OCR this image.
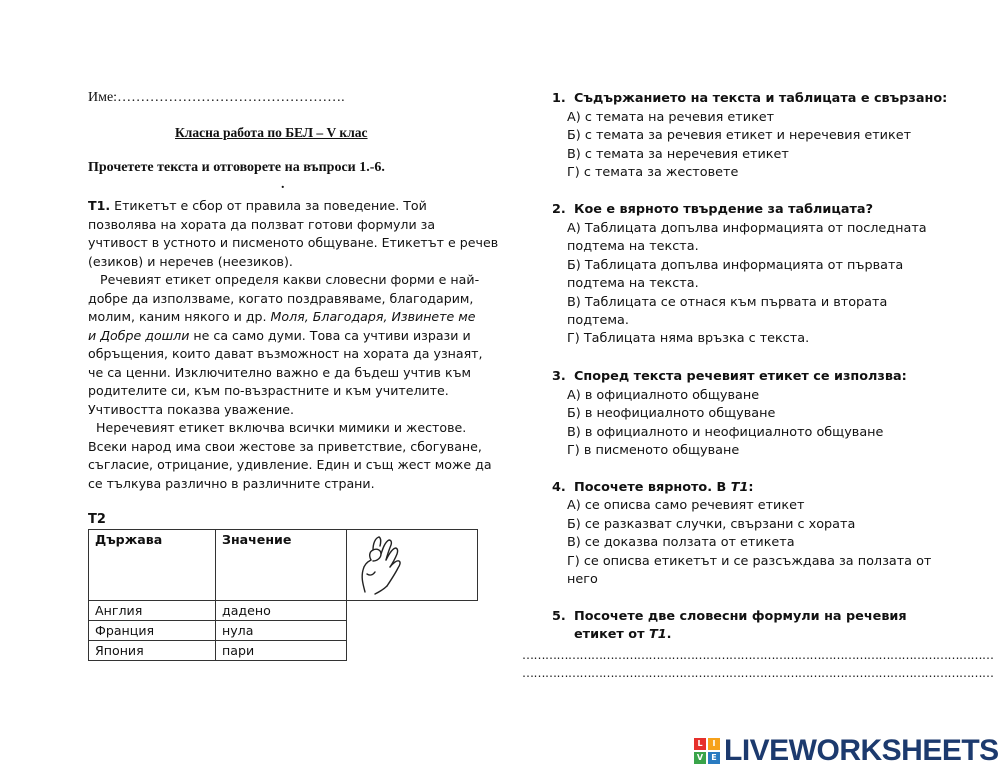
Име:………………………………………….
Класна работа по БЕЛ – V клас
Прочетете текста и отговорете на въпроси 1.-6.
.
Т1. Етикетът е сбор от правила за поведение. Той
позволява на хората да ползват готови формули за
учтивост в устното и писменото общуване. Етикетът е речев
(езиков) и неречев (неезиков).
Речевият етикет определя какви словесни форми е най-
добре да използваме, когато поздравяваме, благодарим,
молим, каним някого и др. Моля, Благодаря, Извинете ме
и Добре дошли не са само думи. Това са учтиви изрази и
обръщения, които дават възможност на хората да узнаят,
че са ценни. Изключително важно е да бъдеш учтив към
родителите си, към по-възрастните и към учителите.
Учтивостта показва уважение.
Неречевият етикет включва всички мимики и жестове.
Всеки народ има свои жестове за приветствие, сбогуване,
съгласие, отрицание, удивление. Един и същ жест може да
се тълкува различно в различните страни.
Т2
Държава	Значение	

Англия	дадено	
Франция	нула	
Япония	пари	
1. Съдържанието на текста и таблицата е свързано:
А) с темата на речевия етикет
Б) с темата за речевия етикет и неречевия етикет
В) с темата за неречевия етикет
Г) с темата за жестовете
2. Кое е вярното твърдение за таблицата?
А) Таблицата допълва информацията от последната
подтема на текста.
Б) Таблицата допълва информацията от първата
подтема на текста.
В) Таблицата се отнася към първата и втората
подтема.
Г) Таблицата няма връзка с текста.
3. Според текста речевият етикет се използва:
А) в официалното общуване
Б) в неофициалното общуване
В) в официалното и неофициалното общуване
Г) в писменото общуване
4. Посочете вярното. В Т1:
А) се описва само речевият етикет
Б) се разказват случки, свързани с хората
В) се доказва ползата от етикета
Г) се описва етикетът и се разсъждава за ползата от
него
5. Посочете две словесни формули на речевия
етикет от Т1.
……………………………………………………………………………………………………………
……………………………………………………………………………………………………………
L	I
V	E LIVEWORKSHEETS
